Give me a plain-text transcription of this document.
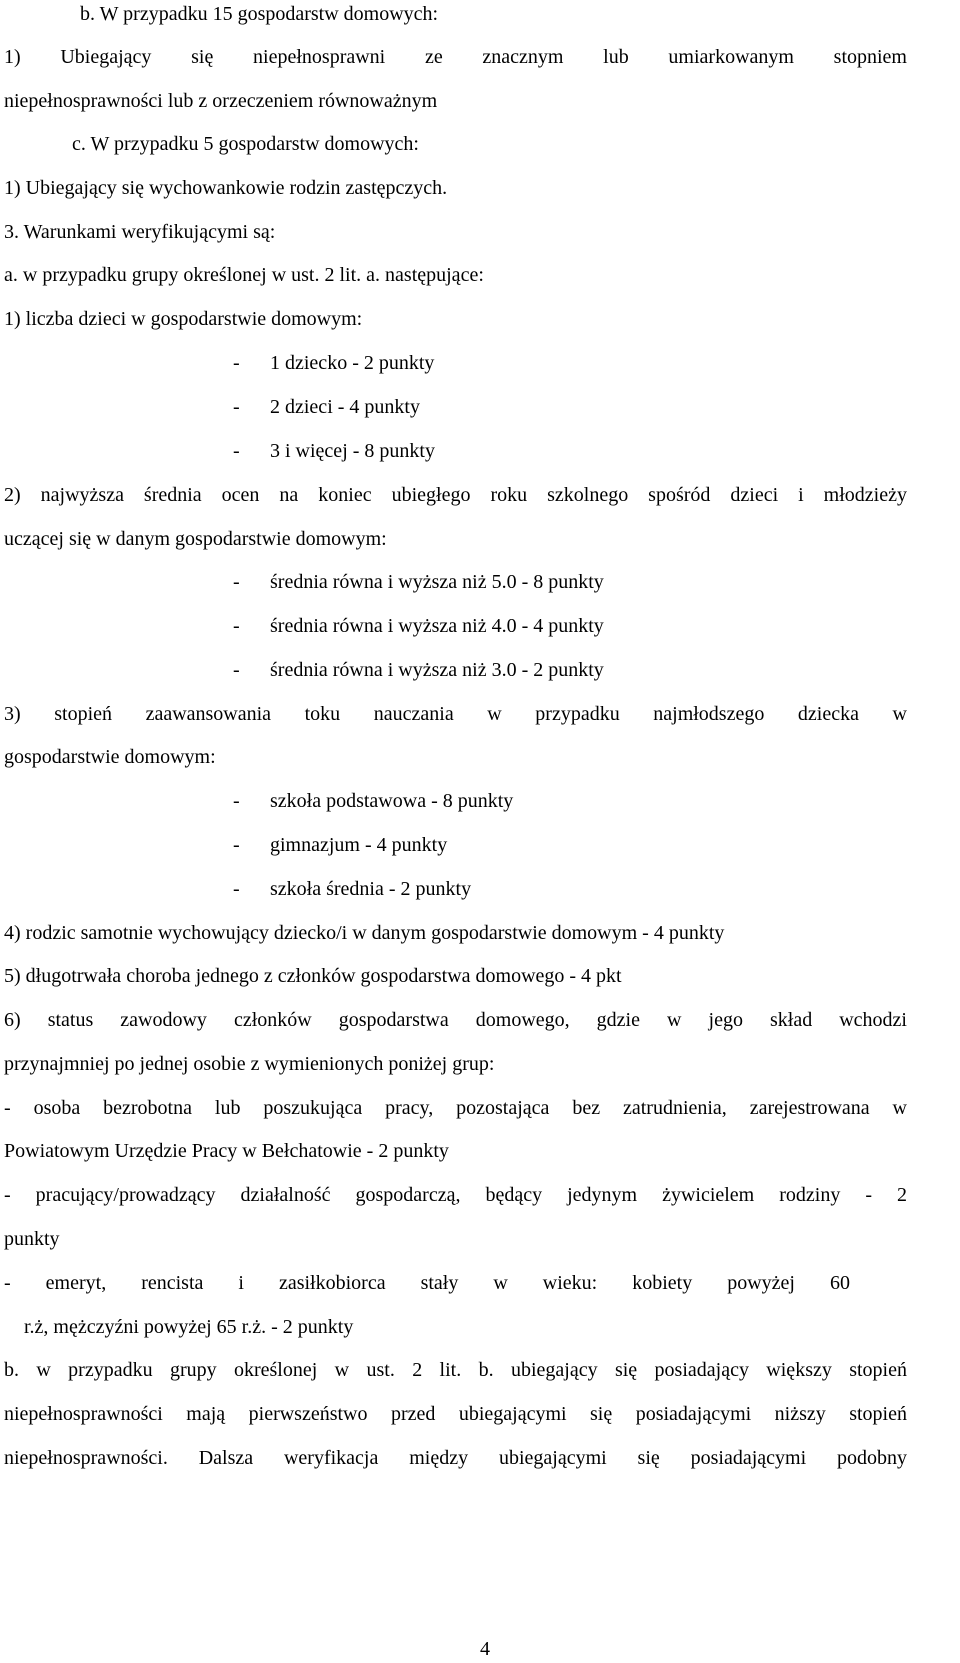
b. W przypadku 15 gospodarstw domowych:
1) Ubiegający się niepełnosprawni ze znacznym lub umiarkowanym stopniem
niepełnosprawności lub z orzeczeniem równoważnym
c. W przypadku 5 gospodarstw domowych:
1) Ubiegający się wychowankowie rodzin zastępczych.
3. Warunkami weryfikującymi są:
a. w przypadku grupy określonej w ust. 2 lit. a. następujące:
1) liczba dzieci w gospodarstwie domowym:
- 1 dziecko - 2 punkty
- 2 dzieci - 4 punkty
- 3 i więcej - 8 punkty
2) najwyższa średnia ocen na koniec ubiegłego roku szkolnego spośród dzieci i młodzieży
uczącej się w danym gospodarstwie domowym:
- średnia równa i wyższa niż 5.0 - 8 punkty
- średnia równa i wyższa niż 4.0 - 4 punkty
- średnia równa i wyższa niż 3.0 - 2 punkty
3) stopień zaawansowania toku nauczania w przypadku najmłodszego dziecka w
gospodarstwie domowym:
- szkoła podstawowa - 8 punkty
- gimnazjum - 4 punkty
- szkoła średnia - 2 punkty
4) rodzic samotnie wychowujący dziecko/i w danym gospodarstwie domowym - 4 punkty
5) długotrwała choroba jednego z członków gospodarstwa domowego - 4 pkt
6) status zawodowy członków gospodarstwa domowego, gdzie w jego skład wchodzi
przynajmniej po jednej osobie z wymienionych poniżej grup:
- osoba bezrobotna lub poszukująca pracy, pozostająca bez zatrudnienia, zarejestrowana w
Powiatowym Urzędzie Pracy w Bełchatowie - 2 punkty
- pracujący/prowadzący działalność gospodarczą, będący jedynym żywicielem rodziny - 2
punkty
- emeryt, rencista i zasiłkobiorca stały w wieku: kobiety powyżej 60
r.ż, mężczyźni powyżej 65 r.ż. - 2 punkty
b. w przypadku grupy określonej w ust. 2 lit. b. ubiegający się posiadający większy stopień
niepełnosprawności mają pierwszeństwo przed ubiegającymi się posiadającymi niższy stopień
niepełnosprawności. Dalsza weryfikacja między ubiegającymi się posiadającymi podobny
4
